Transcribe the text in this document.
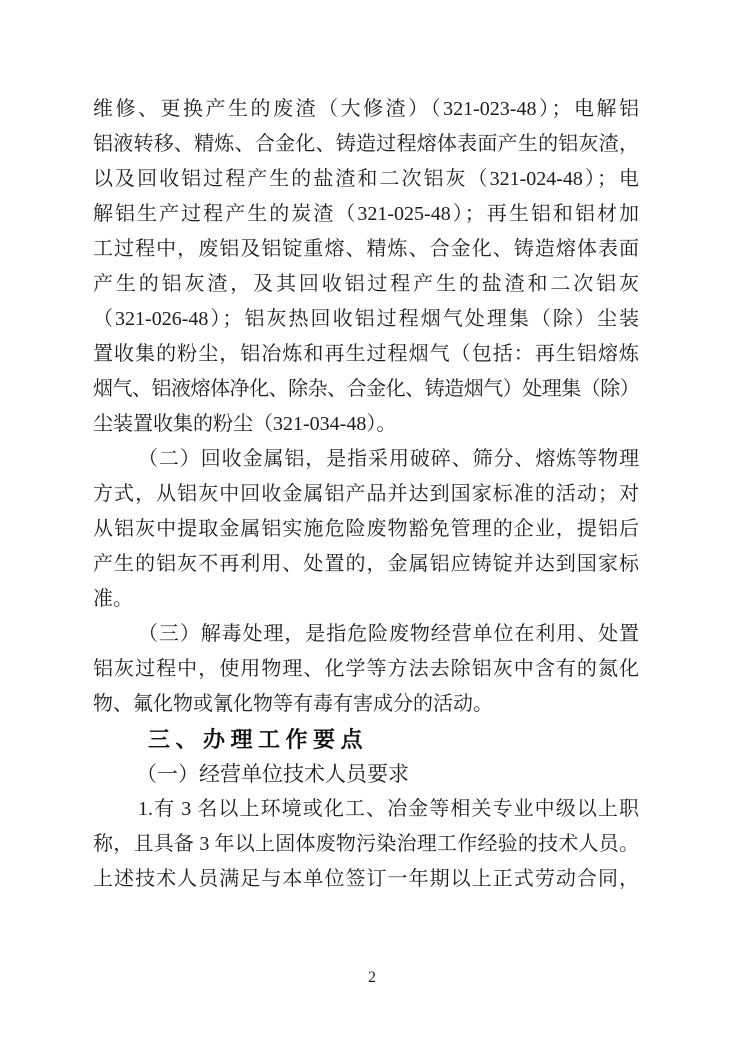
维修、更换产生的废渣（大修渣）（321-023-48）；电解铝
铝液转移、精炼、合金化、铸造过程熔体表面产生的铝灰渣，
以及回收铝过程产生的盐渣和二次铝灰（321-024-48）；电
解铝生产过程产生的炭渣（321-025-48）；再生铝和铝材加
工过程中，废铝及铝锭重熔、精炼、合金化、铸造熔体表面
产生的铝灰渣，及其回收铝过程产生的盐渣和二次铝灰
（321-026-48）；铝灰热回收铝过程烟气处理集（除）尘装
置收集的粉尘，铝冶炼和再生过程烟气（包括：再生铝熔炼
烟气、铝液熔体净化、除杂、合金化、铸造烟气）处理集（除）
尘装置收集的粉尘（321-034-48）。
（二）回收金属铝，是指采用破碎、筛分、熔炼等物理
方式，从铝灰中回收金属铝产品并达到国家标准的活动；对
从铝灰中提取金属铝实施危险废物豁免管理的企业，提铝后
产生的铝灰不再利用、处置的，金属铝应铸锭并达到国家标
准。
（三）解毒处理，是指危险废物经营单位在利用、处置
铝灰过程中，使用物理、化学等方法去除铝灰中含有的氮化
物、氟化物或氰化物等有毒有害成分的活动。
三、办理工作要点
（一）经营单位技术人员要求
1.有 3 名以上环境或化工、冶金等相关专业中级以上职
称，且具备 3 年以上固体废物污染治理工作经验的技术人员。
上述技术人员满足与本单位签订一年期以上正式劳动合同，
2
